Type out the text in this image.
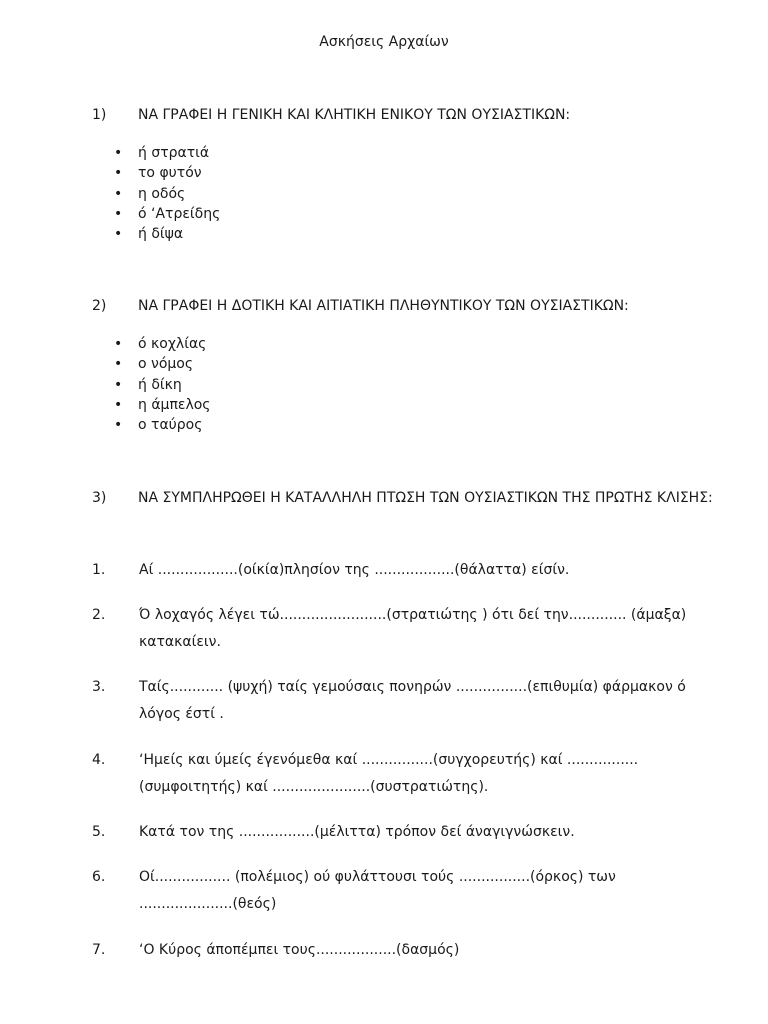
Ασκήσεις Αρχαίων
1)	ΝΑ ΓΡΑΦΕΙ Η ΓΕΝΙΚΗ ΚΑΙ ΚΛΗΤΙΚΗ ΕΝΙΚΟΥ ΤΩΝ ΟΥΣΙΑΣΤΙΚΩΝ:
• ή στρατιά
• το φυτόν
• η οδός
• ό ‘Ατρείδης
• ή δίψα
2)	ΝΑ ΓΡΑΦΕΙ Η ΔΟΤΙΚΗ ΚΑΙ ΑΙΤΙΑΤΙΚΗ ΠΛΗΘΥΝΤΙΚΟΥ ΤΩΝ ΟΥΣΙΑΣΤΙΚΩΝ:
• ό κοχλίας
• ο νόμος
• ή δίκη
• η άμπελος
• ο ταύρος
3)	ΝΑ ΣΥΜΠΛΗΡΩΘΕΙ Η ΚΑΤΑΛΛΗΛΗ ΠΤΩΣΗ ΤΩΝ ΟΥΣΙΑΣΤΙΚΩΝ ΤΗΣ ΠΡΩΤΗΣ ΚΛΙΣΗΣ:
1. Αί ..................(οίκία)πλησίον της ..................(θάλαττα) είσίν.
2. Ό λοχαγός λέγει τώ........................(στρατιώτης ) ότι δεί την............. (άμαξα) κατακαίειν.
3. Ταίς............ (ψυχή) ταίς γεμούσαις πονηρών ................(επιθυμία) φάρμακον ό λόγος έστί .
4. ‘Ημείς και ύμείς έγενόμεθα καί ................(συγχορευτής) καί ................ (συμφοιτητής) καί ......................(συστρατιώτης).
5. Κατά τον της .................(μέλιττα) τρόπον δεί άναγιγνώσκειν.
6. Οί................. (πολέμιος) ού φυλάττουσι τούς ................(όρκος) των .....................(θεός)
7. ‘Ο Κύρος άποπέμπει τους..................(δασμός)
